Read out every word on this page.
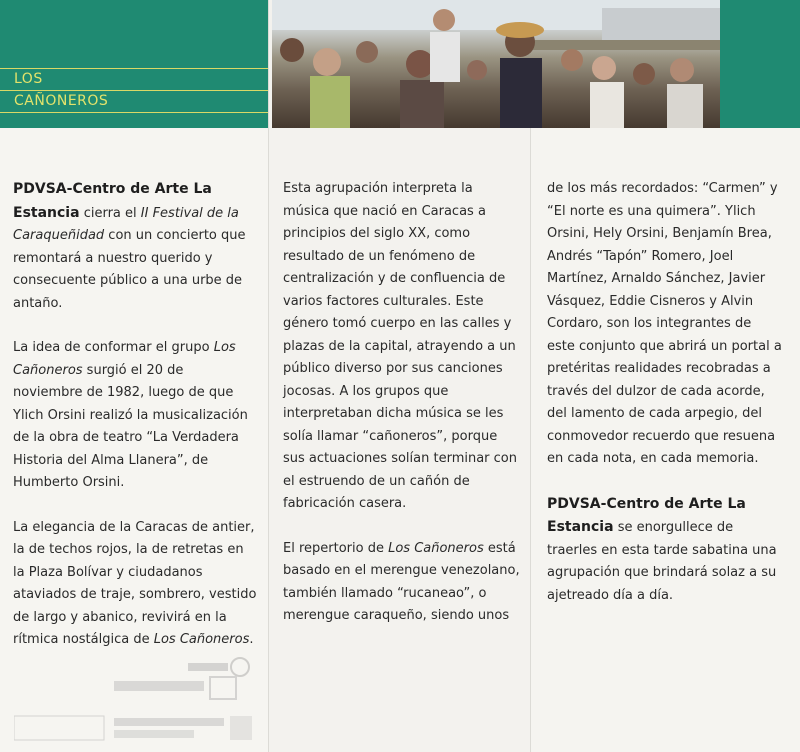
LOS
CAÑONEROS

PDVSA-Centro de Arte La Estancia cierra el II Festival de la Caraqueñidad con un concierto que remontará a nuestro querido y consecuente público a una urbe de antaño.

La idea de conformar el grupo Los Cañoneros surgió el 20 de noviembre de 1982, luego de que Ylich Orsini realizó la musicalización de la obra de teatro “La Verdadera Historia del Alma Llanera”, de Humberto Orsini.

La elegancia de la Caracas de antier, la de techos rojos, la de retretas en la Plaza Bolívar y ciudadanos ataviados de traje, sombrero, vestido de largo y abanico, revivirá en la rítmica nostálgica de Los Cañoneros.

Esta agrupación interpreta la música que nació en Caracas a principios del siglo XX, como resultado de un fenómeno de centralización y de confluencia de varios factores culturales. Este género tomó cuerpo en las calles y plazas de la capital, atrayendo a un público diverso por sus canciones jocosas. A los grupos que interpretaban dicha música se les solía llamar “cañoneros”, porque sus actuaciones solían terminar con el estruendo de un cañón de fabricación casera.

El repertorio de Los Cañoneros está basado en el merengue venezolano, también llamado “rucaneao”, o merengue caraqueño, siendo unos

de los más recordados: “Carmen” y “El norte es una quimera”. Ylich Orsini, Hely Orsini, Benjamín Brea, Andrés “Tapón” Romero, Joel Martínez, Arnaldo Sánchez, Javier Vásquez, Eddie Cisneros y Alvin Cordaro, son los integrantes de este conjunto que abrirá un portal a pretéritas realidades recobradas a través del dulzor de cada acorde, del lamento de cada arpegio, del conmovedor recuerdo que resuena en cada nota, en cada memoria.

PDVSA-Centro de Arte La Estancia se enorgullece de traerles en esta tarde sabatina una agrupación que brindará solaz a su ajetreado día a día.
